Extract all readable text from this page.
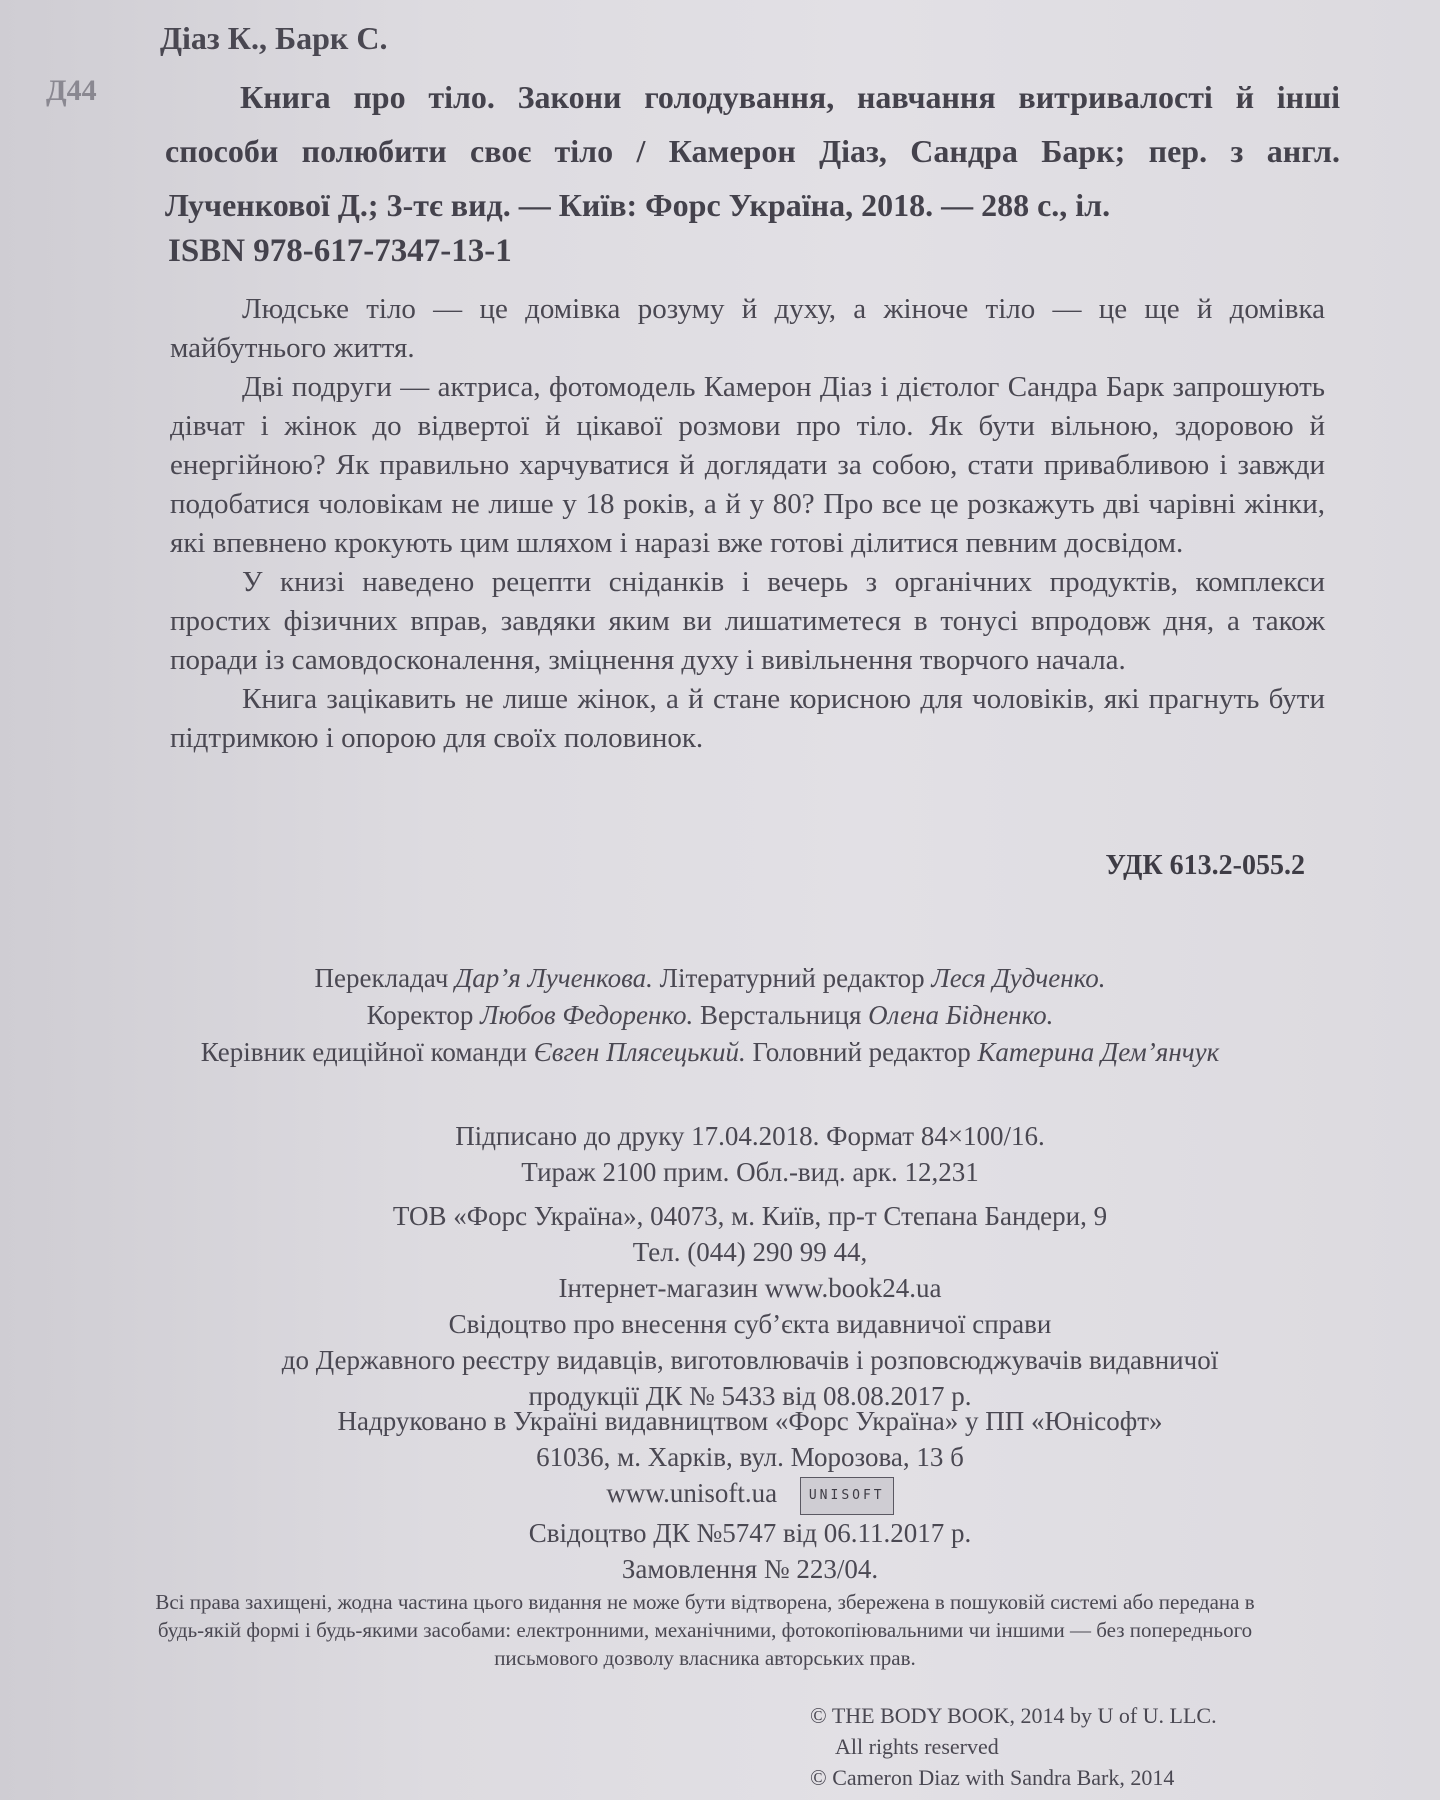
Діаз К., Барк С.
Д44	Книга про тіло. Закони голодування, навчання витривалості й інші способи полюбити своє тіло / Камерон Діаз, Сандра Барк; пер. з англ. Лученкової Д.; 3-тє вид. — Київ: Форс Україна, 2018. — 288 с., іл.
ISBN 978-617-7347-13-1

Людське тіло — це домівка розуму й духу, а жіноче тіло — це ще й домівка майбутнього життя.

Дві подруги — актриса, фотомодель Камерон Діаз і дієтолог Сандра Барк запрошують дівчат і жінок до відвертої й цікавої розмови про тіло. Як бути вільною, здоровою й енергійною? Як правильно харчуватися й доглядати за собою, стати привабливою і завжди подобатися чоловікам не лише у 18 років, а й у 80? Про все це розкажуть дві чарівні жінки, які впевнено крокують цим шляхом і наразі вже готові ділитися певним досвідом.

У книзі наведено рецепти сніданків і вечерь з органічних продуктів, комплекси простих фізичних вправ, завдяки яким ви лишатиметеся в тонусі впродовж дня, а також поради із самовдосконалення, зміцнення духу і вивільнення творчого начала.

Книга зацікавить не лише жінок, а й стане корисною для чоловіків, які прагнуть бути підтримкою і опорою для своїх половинок.

УДК 613.2-055.2
Перекладач Дар’я Лученкова. Літературний редактор Леся Дудченко.
Коректор Любов Федоренко. Верстальниця Олена Бідненко.
Керівник едиційної команди Євген Плясецький. Головний редактор Катерина Дем’янчук
Підписано до друку 17.04.2018. Формат 84×100/16.
Тираж 2100 прим. Обл.-вид. арк. 12,231
ТОВ «Форс Україна», 04073, м. Київ, пр-т Степана Бандери, 9
Тел. (044) 290 99 44,
Інтернет-магазин www.book24.ua
Свідоцтво про внесення суб’єкта видавничої справи
до Державного реєстру видавців, виготовлювачів і розповсюджувачів видавничої
продукції ДК № 5433 від 08.08.2017 р.
Надруковано в Україні видавництвом «Форс Україна» у ПП «Юнісофт»
61036, м. Харків, вул. Морозова, 13 б
www.unisoft.ua UNISOFT
Свідоцтво ДК №5747 від 06.11.2017 р.
Замовлення № 223/04.
Всі права захищені, жодна частина цього видання не може бути відтворена, збережена в пошуковій системі або передана в будь-якій формі і будь-якими засобами: електронними, механічними, фотокопіювальними чи іншими — без попереднього письмового дозволу власника авторських прав.
© THE BODY BOOK, 2014 by U of U. LLC.
All rights reserved
© Cameron Diaz with Sandra Bark, 2014
